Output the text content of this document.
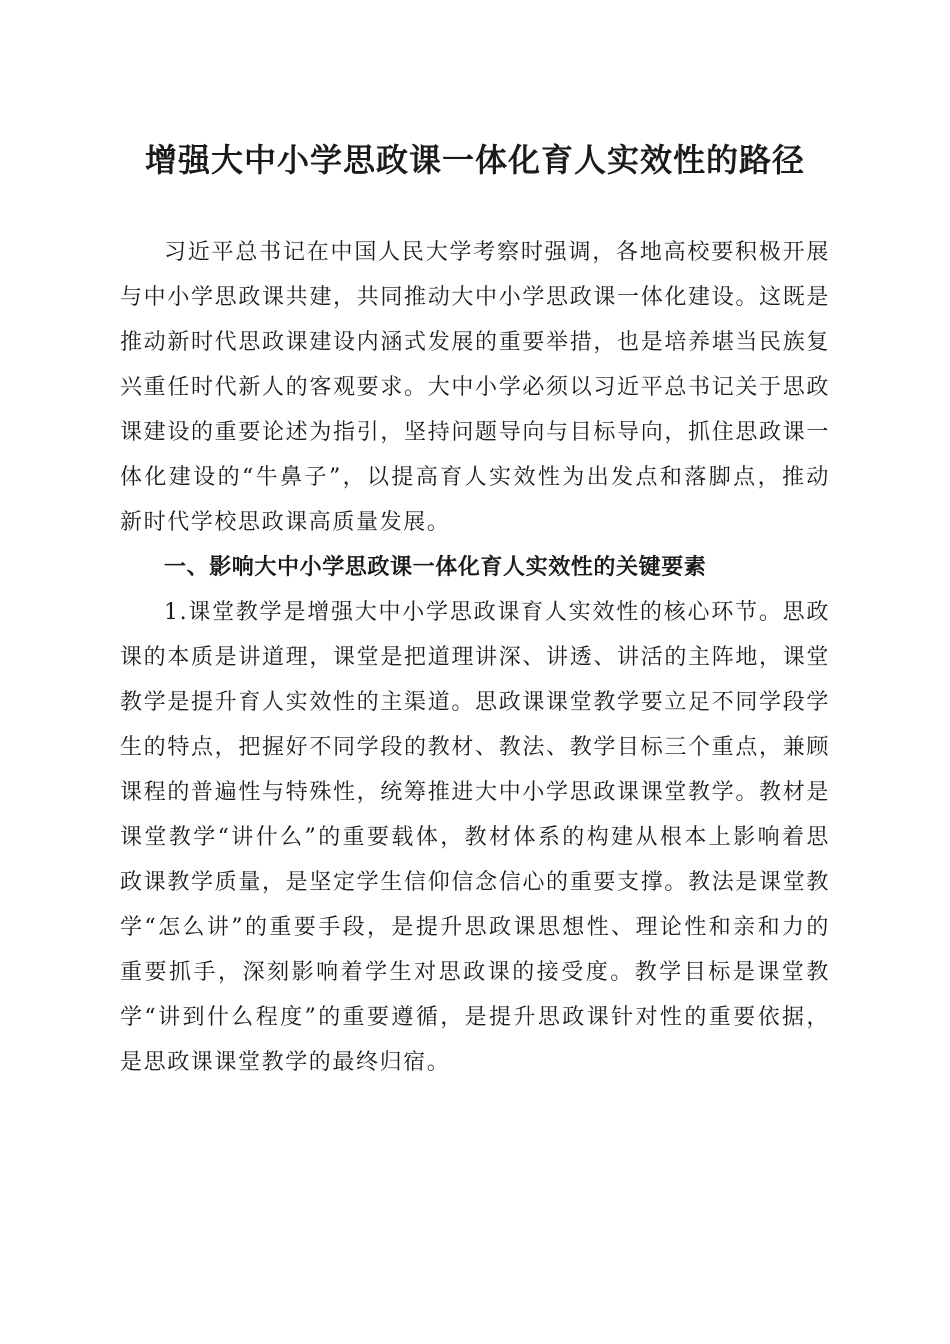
增强大中小学思政课一体化育人实效性的路径

习近平总书记在中国人民大学考察时强调，各地高校要积极开展与中小学思政课共建，共同推动大中小学思政课一体化建设。这既是推动新时代思政课建设内涵式发展的重要举措，也是培养堪当民族复兴重任时代新人的客观要求。大中小学必须以习近平总书记关于思政课建设的重要论述为指引，坚持问题导向与目标导向，抓住思政课一体化建设的“牛鼻子”，以提高育人实效性为出发点和落脚点，推动新时代学校思政课高质量发展。

一、影响大中小学思政课一体化育人实效性的关键要素

1.课堂教学是增强大中小学思政课育人实效性的核心环节。思政课的本质是讲道理，课堂是把道理讲深、讲透、讲活的主阵地，课堂教学是提升育人实效性的主渠道。思政课课堂教学要立足不同学段学生的特点，把握好不同学段的教材、教法、教学目标三个重点，兼顾课程的普遍性与特殊性，统筹推进大中小学思政课课堂教学。教材是课堂教学“讲什么”的重要载体，教材体系的构建从根本上影响着思政课教学质量，是坚定学生信仰信念信心的重要支撑。教法是课堂教学“怎么讲”的重要手段，是提升思政课思想性、理论性和亲和力的重要抓手，深刻影响着学生对思政课的接受度。教学目标是课堂教学“讲到什么程度”的重要遵循，是提升思政课针对性的重要依据，是思政课课堂教学的最终归宿。
